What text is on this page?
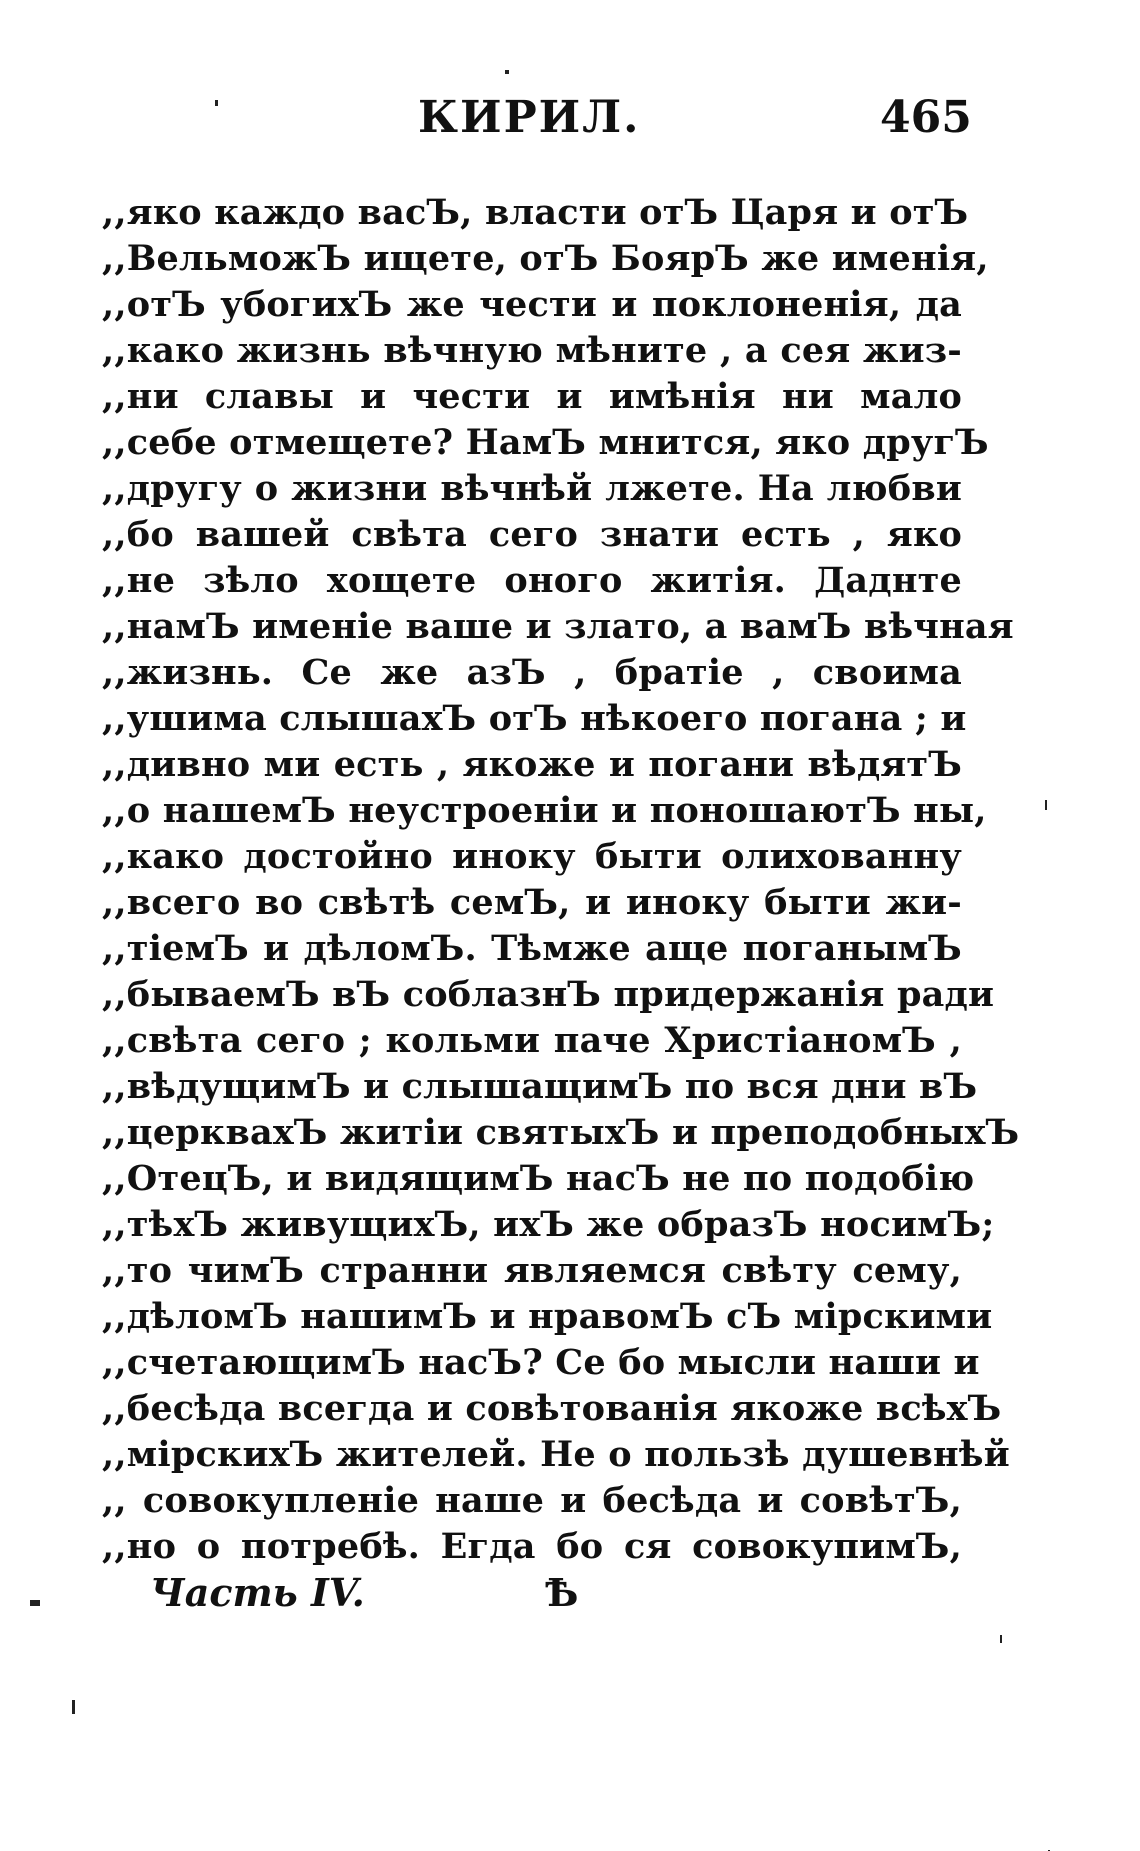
КИРИЛ.	465
,,яко каждо васЪ, власти отЪ Царя и отЪ
,,ВельможЪ ищете, отЪ БоярЪ же именія,
,,отЪ убогихЪ же чести и поклоненія, да
,,како жизнь вѣчную мѣните , а сея жиз-
,,ни славы и чести и имѣнія ни мало
,,себе отмещете? НамЪ мнится, яко другЪ
,,другу о жизни вѣчнѣй лжете. На любви
,,бо вашей свѣта сего знати есть , яко
,,не зѣло хощете оного житія. Даднте
,,намЪ именіе ваше и злато, а вамЪ вѣчная
,,жизнь. Се же азЪ , братіе , своима
,,ушима слышахЪ отЪ нѣкоего погана ; и
,,дивно ми есть , якоже и погани вѣдятЪ
,,о нашемЪ неустроеніи и поношаютЪ ны,
,,како достойно иноку быти олихованну
,,всего во свѣтѣ семЪ, и иноку быти жи-
,,тіемЪ и дѣломЪ. Тѣмже аще поганымЪ
,,бываемЪ вЪ соблазнЪ придержанія ради
,,свѣта сего ; кольми паче ХристіаномЪ ,
,,вѣдущимЪ и слышащимЪ по вся дни вЪ
,,церквахЪ житіи святыхЪ и преподобныхЪ
,,ОтецЪ, и видящимЪ насЪ не по подобію
,,тѣхЪ живущихЪ, ихЪ же образЪ носимЪ;
,,то чимЪ странни являемся свѣту сему,
,,дѣломЪ нашимЪ и нравомЪ сЪ мірскими
,,счетающимЪ насЪ? Се бо мысли наши и
,,бесѣда всегда и совѣтованія якоже всѣхЪ
,,мірскихЪ жителей. Не о пользѣ душевнѣй
,, совокупленіе наше и бесѣда и совѣтЪ,
,,но о потребѣ. Егда бо ся совокупимЪ,
Часть IV.	Ѣ
